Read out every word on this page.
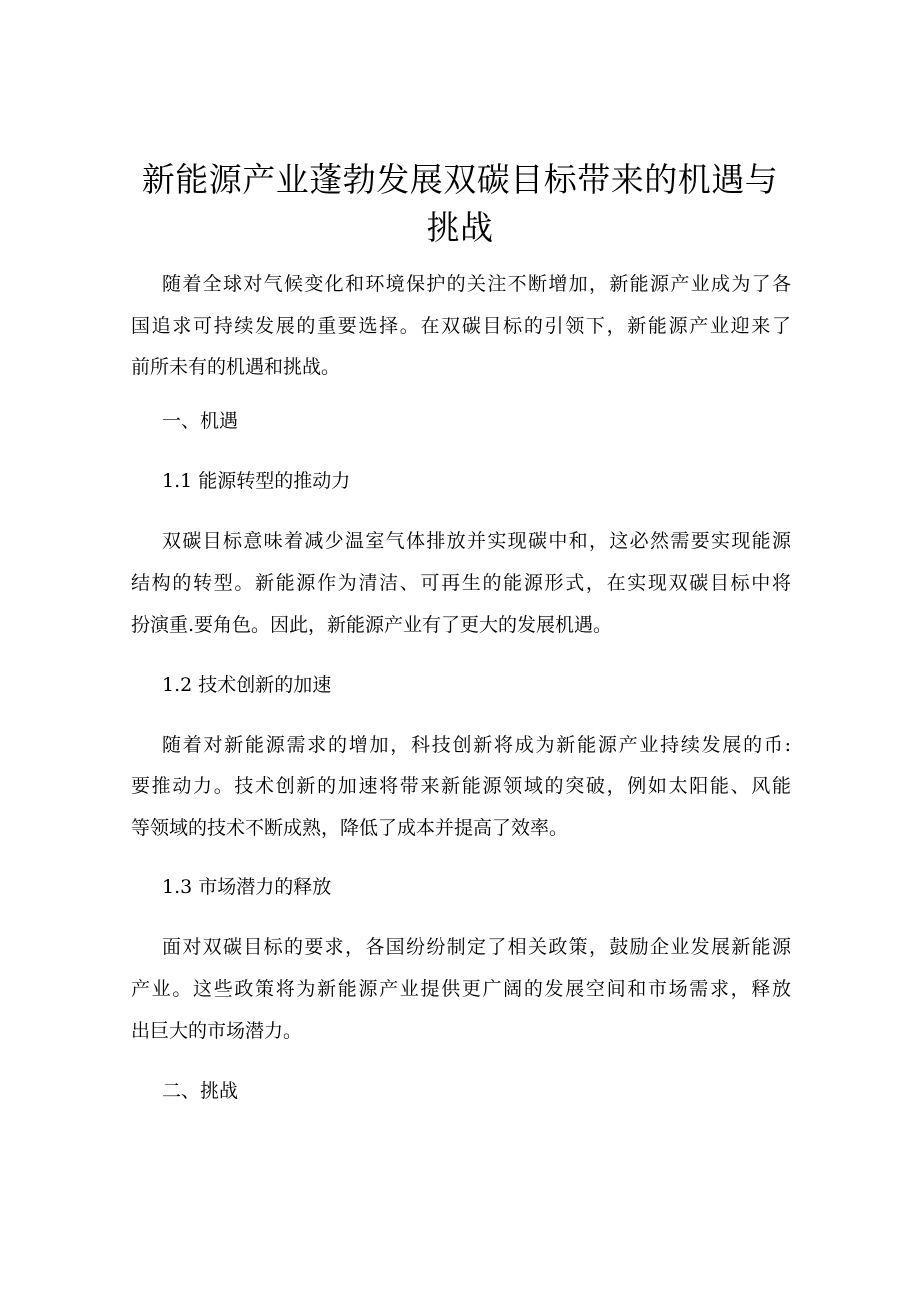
新能源产业蓬勃发展双碳目标带来的机遇与
挑战

随着全球对气候变化和环境保护的关注不断增加，新能源产业成为了各

国追求可持续发展的重要选择。在双碳目标的引领下，新能源产业迎来了

前所未有的机遇和挑战。

一、机遇

1.1 能源转型的推动力

双碳目标意味着减少温室气体排放并实现碳中和，这必然需要实现能源

结构的转型。新能源作为清洁、可再生的能源形式，在实现双碳目标中将

扮演重.要角色。因此，新能源产业有了更大的发展机遇。

1.2 技术创新的加速

随着对新能源需求的增加，科技创新将成为新能源产业持续发展的币:

要推动力。技术创新的加速将带来新能源领域的突破，例如太阳能、风能

等领域的技术不断成熟，降低了成本并提高了效率。

1.3 市场潜力的释放

面对双碳目标的要求，各国纷纷制定了相关政策，鼓励企业发展新能源

产业。这些政策将为新能源产业提供更广阔的发展空间和市场需求，释放

出巨大的市场潜力。

二、挑战
